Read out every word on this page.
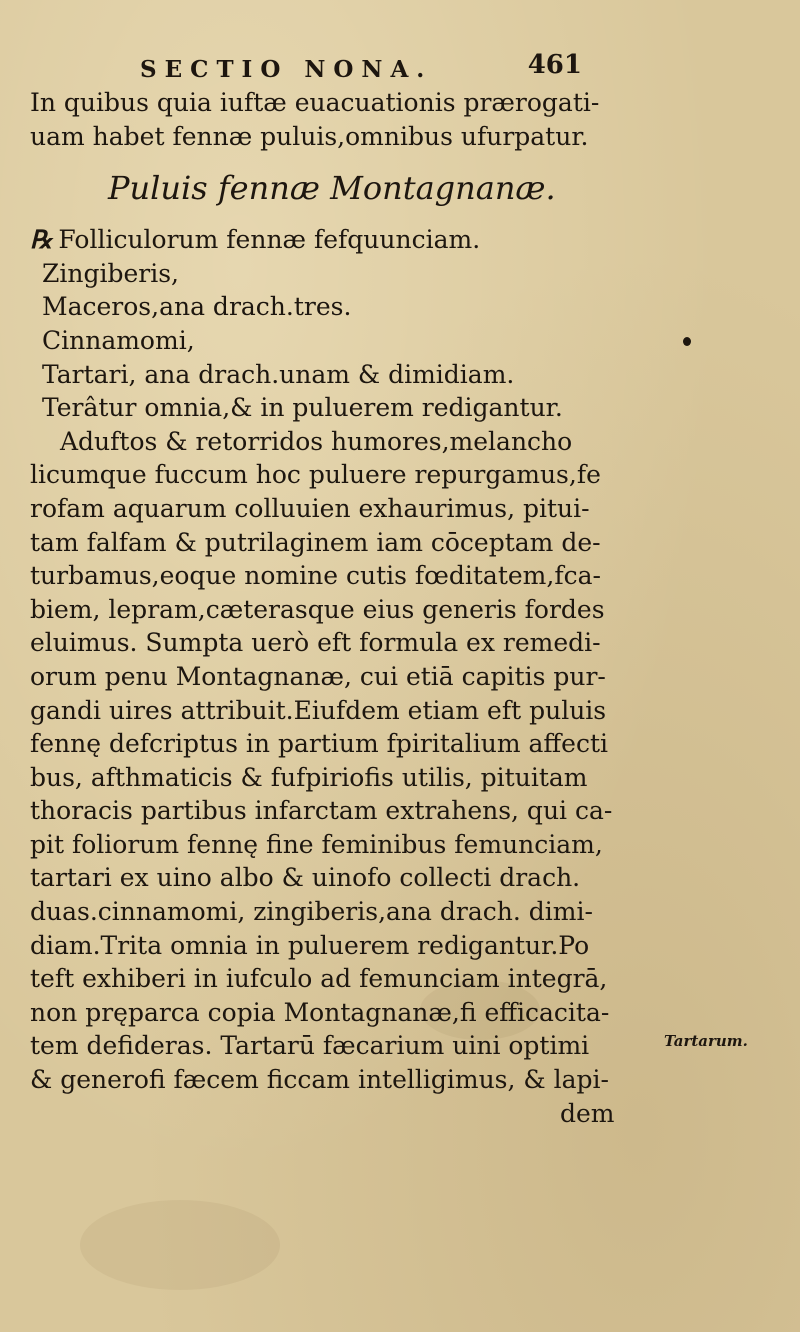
SECTIO NONA.	461
In quibus quia iuftæ euacuationis prærogati-
uam habet fennæ puluis,omnibus ufurpatur.
Puluis fennæ Montagnanæ.
℞ Folliculorum fennæ fefquunciam.
Zingiberis,
Maceros,ana drach.tres.
Cinnamomi,
Tartari, ana drach.unam & dimidiam.
Terâtur omnia,& in puluerem redigantur.
Aduftos & retorridos humores,melancho
licumque fuccum hoc puluere repurgamus,fe
rofam aquarum colluuien exhaurimus, pitui-
tam falfam & putrilaginem iam cōceptam de-
turbamus,eoque nomine cutis fœditatem,fca-
biem, lepram,cæterasque eius generis fordes
eluimus. Sumpta uerò eft formula ex remedi-
orum penu Montagnanæ, cui etiā capitis pur-
gandi uires attribuit.Eiufdem etiam eft puluis
fennę defcriptus in partium fpiritalium affecti
bus, afthmaticis & fufpiriofis utilis, pituitam
thoracis partibus infarctam extrahens, qui ca-
pit foliorum fennę fine feminibus femunciam,
tartari ex uino albo & uinofo collecti drach.
duas.cinnamomi, zingiberis,ana drach. dimi-
diam.Trita omnia in puluerem redigantur.Po
teft exhiberi in iufculo ad femunciam integrā,
non pręparca copia Montagnanæ,fi efficacita-
tem defideras. Tartarū fæcarium uini optimi
& generofi fæcem ficcam intelligimus, & lapi-
dem
Tartarum.
